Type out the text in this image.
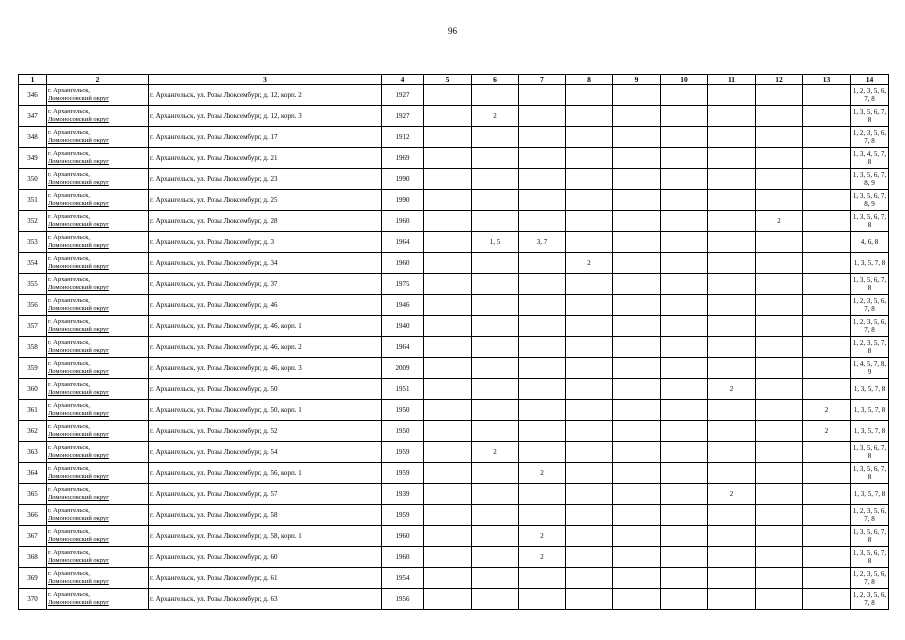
96
1	2	3	4	5	6	7	8	9	10	11	12	13	14
346	г. Архангельск,
Ломоносовский округ	г. Архангельск, ул. Розы Люксембург, д. 12, корп. 2	1927										1, 2, 3, 5, 6, 7, 8
347	г. Архангельск,
Ломоносовский округ	г. Архангельск, ул. Розы Люксембург, д. 12, корп. 3	1927		2								1, 3, 5, 6, 7, 8
348	г. Архангельск,
Ломоносовский округ	г. Архангельск, ул. Розы Люксембург, д. 17	1912										1, 2, 3, 5, 6, 7, 8
349	г. Архангельск,
Ломоносовский округ	г. Архангельск, ул. Розы Люксембург, д. 21	1969										1, 3, 4, 5, 7, 8
350	г. Архангельск,
Ломоносовский округ	г. Архангельск, ул. Розы Люксембург, д. 23	1990										1, 3, 5, 6, 7, 8, 9
351	г. Архангельск,
Ломоносовский округ	г. Архангельск, ул. Розы Люксембург, д. 25	1990										1, 3, 5, 6, 7, 8, 9
352	г. Архангельск,
Ломоносовский округ	г. Архангельск, ул. Розы Люксембург, д. 28	1960								2		1, 3, 5, 6, 7, 8
353	г. Архангельск,
Ломоносовский округ	г. Архангельск, ул. Розы Люксембург, д. 3	1964		1, 5	3, 7							4, 6, 8
354	г. Архангельск,
Ломоносовский округ	г. Архангельск, ул. Розы Люксембург, д. 34	1960				2						1, 3, 5, 7, 8
355	г. Архангельск,
Ломоносовский округ	г. Архангельск, ул. Розы Люксембург, д. 37	1975										1, 3, 5, 6, 7, 8
356	г. Архангельск,
Ломоносовский округ	г. Архангельск, ул. Розы Люксембург, д. 46	1946										1, 2, 3, 5, 6, 7, 8
357	г. Архангельск,
Ломоносовский округ	г. Архангельск, ул. Розы Люксембург, д. 46, корп. 1	1940										1, 2, 3, 5, 6, 7, 8
358	г. Архангельск,
Ломоносовский округ	г. Архангельск, ул. Розы Люксембург, д. 46, корп. 2	1964										1, 2, 3, 5, 7, 8
359	г. Архангельск,
Ломоносовский округ	г. Архангельск, ул. Розы Люксембург, д. 46, корп. 3	2009										1, 4, 5, 7, 8, 9
360	г. Архангельск,
Ломоносовский округ	г. Архангельск, ул. Розы Люксембург, д. 50	1951							2			1, 3, 5, 7, 8
361	г. Архангельск,
Ломоносовский округ	г. Архангельск, ул. Розы Люксембург, д. 50, корп. 1	1950									2	1, 3, 5, 7, 8
362	г. Архангельск,
Ломоносовский округ	г. Архангельск, ул. Розы Люксембург, д. 52	1950									2	1, 3, 5, 7, 8
363	г. Архангельск,
Ломоносовский округ	г. Архангельск, ул. Розы Люксембург, д. 54	1959		2								1, 3, 5, 6, 7, 8
364	г. Архангельск,
Ломоносовский округ	г. Архангельск, ул. Розы Люксембург, д. 56, корп. 1	1959			2							1, 3, 5, 6, 7, 8
365	г. Архангельск,
Ломоносовский округ	г. Архангельск, ул. Розы Люксембург, д. 57	1939							2			1, 3, 5, 7, 8
366	г. Архангельск,
Ломоносовский округ	г. Архангельск, ул. Розы Люксембург, д. 58	1959										1, 2, 3, 5, 6, 7, 8
367	г. Архангельск,
Ломоносовский округ	г. Архангельск, ул. Розы Люксембург, д. 58, корп. 1	1960			2							1, 3, 5, 6, 7, 8
368	г. Архангельск,
Ломоносовский округ	г. Архангельск, ул. Розы Люксембург, д. 60	1960			2							1, 3, 5, 6, 7, 8
369	г. Архангельск,
Ломоносовский округ	г. Архангельск, ул. Розы Люксембург, д. 61	1954										1, 2, 3, 5, 6, 7, 8
370	г. Архангельск,
Ломоносовский округ	г. Архангельск, ул. Розы Люксембург, д. 63	1956										1, 2, 3, 5, 6, 7, 8
